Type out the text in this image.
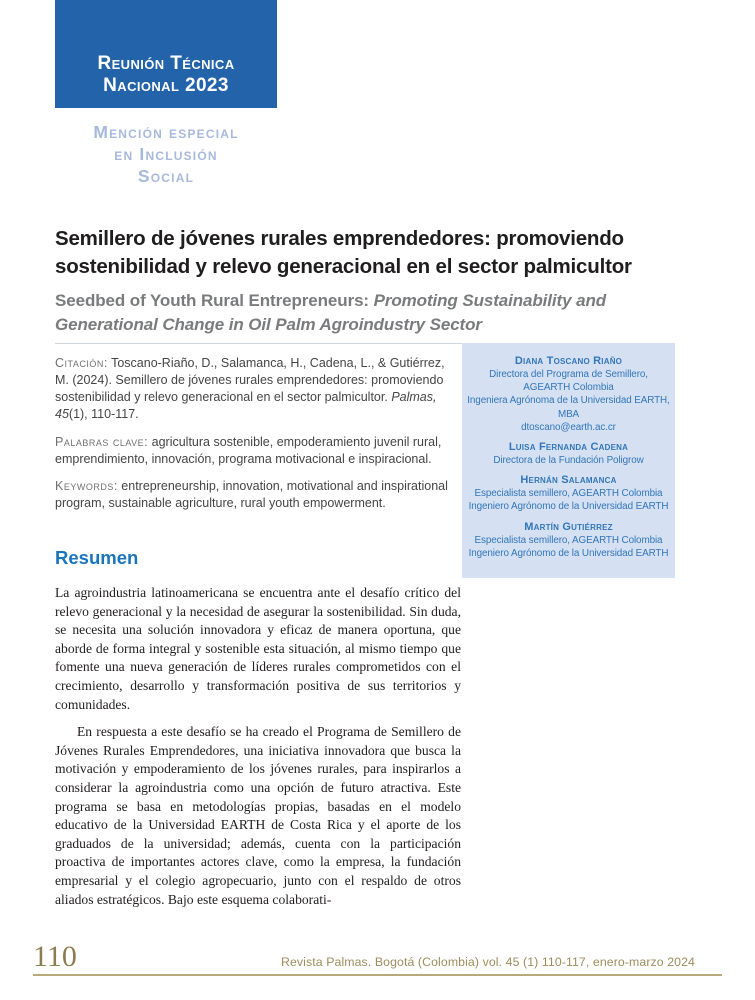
Reunión Técnica
Nacional 2023
Mención especial
en Inclusión
Social
Semillero de jóvenes rurales emprendedores: promoviendo
sostenibilidad y relevo generacional en el sector palmicultor
Seedbed of Youth Rural Entrepreneurs: Promoting Sustainability and Generational Change in Oil Palm Agroindustry Sector

Citación: Toscano-Riaño, D., Salamanca, H., Cadena, L., & Gutiérrez, M. (2024). Semillero de jóvenes rurales emprendedores: promoviendo sostenibilidad y relevo generacional en el sector palmicultor. Palmas, 45(1), 110-117.

Palabras clave: agricultura sostenible, empoderamiento juvenil rural, emprendimiento, innovación, programa motivacional e inspiracional.

Keywords: entrepreneurship, innovation, motivational and inspirational program, sustainable agriculture, rural youth empowerment.

Diana Toscano Riaño
Directora del Programa de Semillero, AGEARTH Colombia
Ingeniera Agrónoma de la Universidad EARTH, MBA
dtoscano@earth.ac.cr
Luisa Fernanda Cadena
Directora de la Fundación Poligrow
Hernán Salamanca
Especialista semillero, AGEARTH Colombia
Ingeniero Agrónomo de la Universidad EARTH
Martín Gutiérrez
Especialista semillero, AGEARTH Colombia
Ingeniero Agrónomo de la Universidad EARTH
Resumen

La agroindustria latinoamericana se encuentra ante el desafío crítico del relevo generacional y la necesidad de asegurar la sostenibilidad. Sin duda, se necesita una solución innovadora y eficaz de manera oportuna, que aborde de forma integral y sostenible esta situación, al mismo tiempo que fomente una nueva generación de líderes rurales comprometidos con el crecimiento, desarrollo y transformación positiva de sus territorios y comunidades.

En respuesta a este desafío se ha creado el Programa de Semillero de Jóvenes Rurales Emprendedores, una iniciativa innovadora que busca la motivación y empoderamiento de los jóvenes rurales, para inspirarlos a considerar la agroindustria como una opción de futuro atractiva. Este programa se basa en metodologías propias, basadas en el modelo educativo de la Universidad EARTH de Costa Rica y el aporte de los graduados de la universidad; además, cuenta con la participación proactiva de importantes actores clave, como la empresa, la fundación empresarial y el colegio agropecuario, junto con el respaldo de otros aliados estratégicos. Bajo este esquema colaborati-

110	Revista Palmas. Bogotá (Colombia) vol. 45 (1) 110-117, enero-marzo 2024
